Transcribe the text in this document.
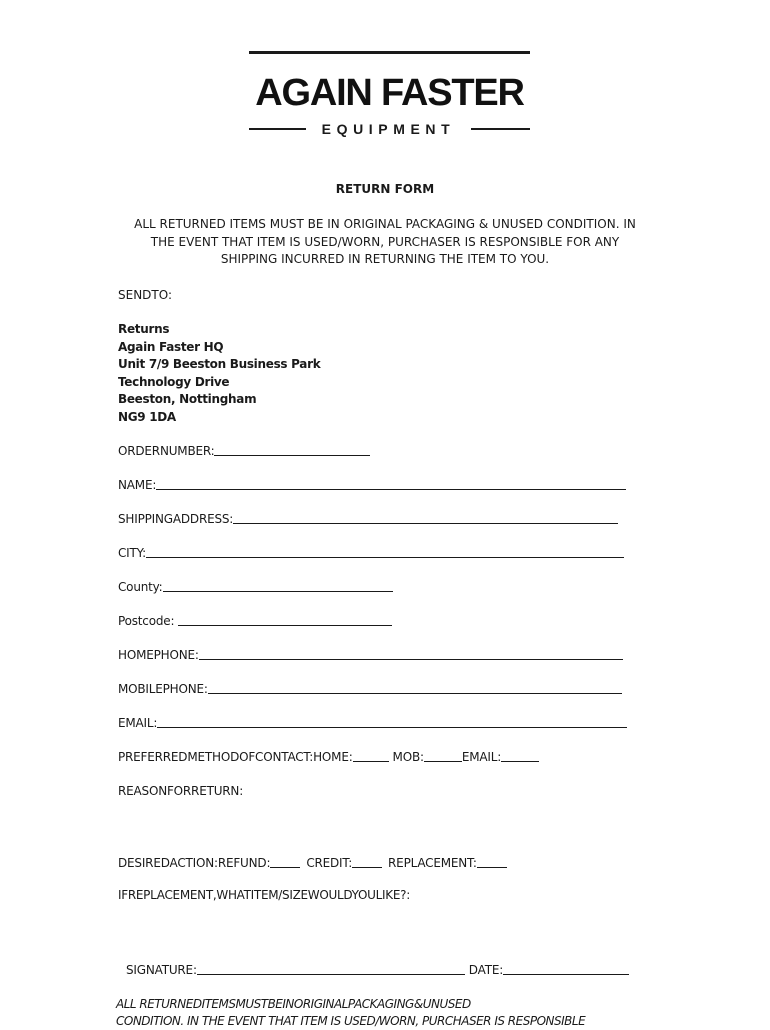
AGAIN FASTER
EQUIPMENT
RETURN FORM
ALL RETURNED ITEMS MUST BE IN ORIGINAL PACKAGING & UNUSED CONDITION. IN
THE EVENT THAT ITEM IS USED/WORN, PURCHASER IS RESPONSIBLE FOR ANY
SHIPPING INCURRED IN RETURNING THE ITEM TO YOU.
SENDTO:
Returns
Again Faster HQ
Unit 7/9 Beeston Business Park
Technology Drive
Beeston, Nottingham
NG9 1DA
ORDERNUMBER:
NAME:
SHIPPINGADDRESS:
CITY:
County:
Postcode:
HOMEPHONE:
MOBILEPHONE:
EMAIL:
PREFERREDMETHODOFCONTACT:HOME:	MOB:	EMAIL:
REASONFORRETURN:
DESIREDACTION:REFUND:	CREDIT:	REPLACEMENT:
IFREPLACEMENT,WHATITEM/SIZEWOULDYOULIKE?:
SIGNATURE:	DATE:
ALL RETURNEDITEMSMUSTBEINORIGINALPACKAGING&UNUSED
CONDITION. IN THE EVENT THAT ITEM IS USED/WORN, PURCHASER IS RESPONSIBLE
